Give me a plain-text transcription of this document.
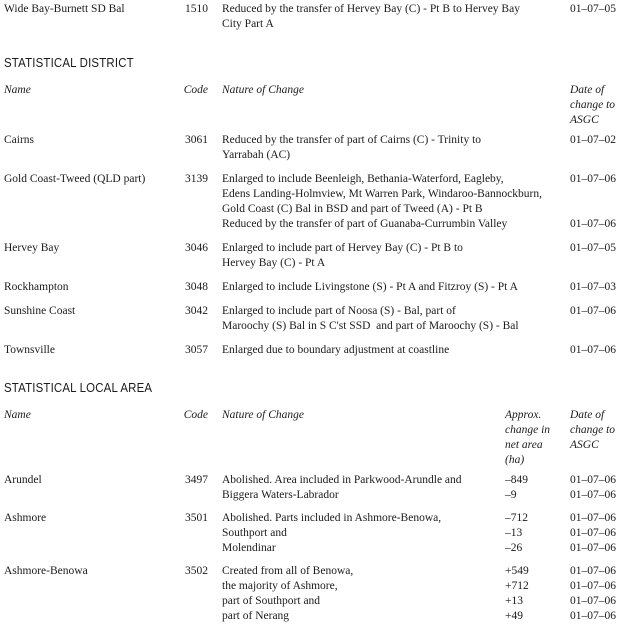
Wide Bay-Burnett SD Bal	1510	Reduced by the transfer of Hervey Bay (C) - Pt B to Hervey Bay	01–07–05
City Part A
STATISTICAL DISTRICT
Name	Code	Nature of Change	Date of
change to
ASGC
Cairns	3061	Reduced by the transfer of part of Cairns (C) - Trinity to	01–07–02
Yarrabah (AC)
Gold Coast-Tweed (QLD part)	3139	Enlarged to include Beenleigh, Bethania-Waterford, Eagleby,	01–07–06
Edens Landing-Holmview, Mt Warren Park, Windaroo-Bannockburn,
Gold Coast (C) Bal in BSD and part of Tweed (A) - Pt B
Reduced by the transfer of part of Guanaba-Currumbin Valley	01–07–06
Hervey Bay	3046	Enlarged to include part of Hervey Bay (C) - Pt B to	01–07–05
Hervey Bay (C) - Pt A
Rockhampton	3048	Enlarged to include Livingstone (S) - Pt A and Fitzroy (S) - Pt A	01–07–03
Sunshine Coast	3042	Enlarged to include part of Noosa (S) - Bal, part of	01–07–06
Maroochy (S) Bal in S C'st SSD  and part of Maroochy (S) - Bal
Townsville	3057	Enlarged due to boundary adjustment at coastline	01–07–06
STATISTICAL LOCAL AREA
Name	Code	Nature of Change	Approx.	Date of
change in	change to
net area	ASGC
(ha)
Arundel	3497	Abolished. Area included in Parkwood-Arundle and	–849	01–07–06
Biggera Waters-Labrador	–9	01–07–06
Ashmore	3501	Abolished. Parts included in Ashmore-Benowa,	–712	01–07–06
Southport and	–13	01–07–06
Molendinar	–26	01–07–06
Ashmore-Benowa	3502	Created from all of Benowa,	+549	01–07–06
the majority of Ashmore,	+712	01–07–06
part of Southport and	+13	01–07–06
part of Nerang	+49	01–07–06
